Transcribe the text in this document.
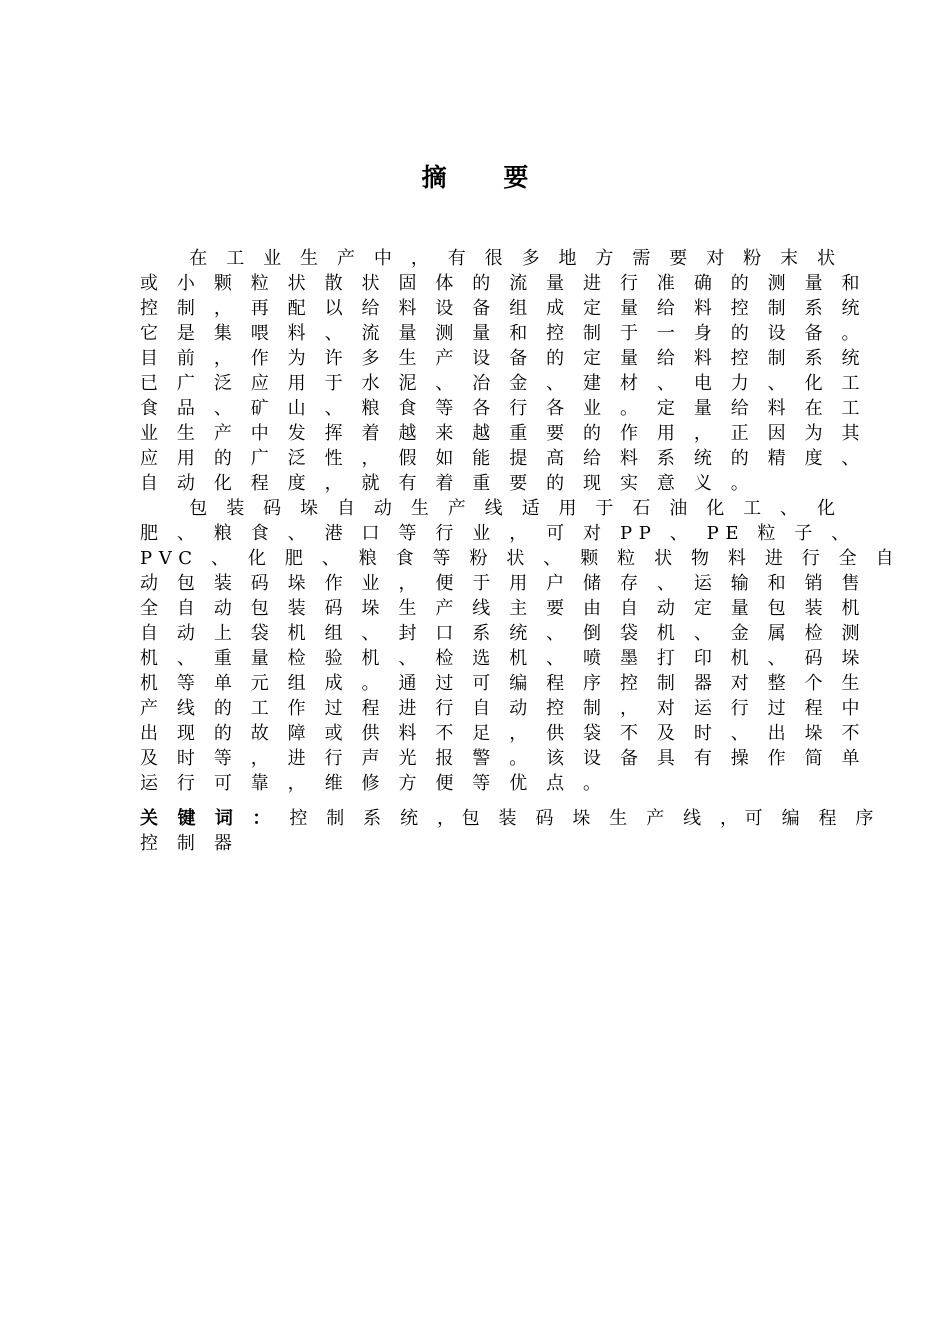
摘 要
在 工 业 生 产 中 ， 有 很 多 地 方 需 要 对 粉 末 状
或 小 颗 粒 状 散 状 固 体 的 流 量 进 行 准 确 的 测 量 和
控 制 ， 再 配 以 给 料 设 备 组 成 定 量 给 料 控 制 系 统
它 是 集 喂 料 、 流 量 测 量 和 控 制 于 一 身 的 设 备 。
目 前 ， 作 为 许 多 生 产 设 备 的 定 量 给 料 控 制 系 统
已 广 泛 应 用 于 水 泥 、 冶 金 、 建 材 、 电 力 、 化 工
食 品 、 矿 山 、 粮 食 等 各 行 各 业 。 定 量 给 料 在 工
业 生 产 中 发 挥 着 越 来 越 重 要 的 作 用 ， 正 因 为 其
应 用 的 广 泛 性 ， 假 如 能 提 高 给 料 系 统 的 精 度 、
自 动 化 程 度 ， 就 有 着 重 要 的 现 实 意 义 。
包 装 码 垛 自 动 生 产 线 适 用 于 石 油 化 工 、 化
肥 、 粮 食 、 港 口 等 行 业 ， 可 对 PP 、 PE 粒 子 、
PVC 、 化 肥 、 粮 食 等 粉 状 、 颗 粒 状 物 料 进 行 全 自
动 包 装 码 垛 作 业 ， 便 于 用 户 储 存 、 运 输 和 销 售
全 自 动 包 装 码 垛 生 产 线 主 要 由 自 动 定 量 包 装 机
自 动 上 袋 机 组 、 封 口 系 统 、 倒 袋 机 、 金 属 检 测
机 、 重 量 检 验 机 、 检 选 机 、 喷 墨 打 印 机 、 码 垛
机 等 单 元 组 成 。 通 过 可 编 程 序 控 制 器 对 整 个 生
产 线 的 工 作 过 程 进 行 自 动 控 制 ， 对 运 行 过 程 中
出 现 的 故 障 或 供 料 不 足 ， 供 袋 不 及 时 、 出 垛 不
及 时 等 ， 进 行 声 光 报 警 。 该 设 备 具 有 操 作 简 单
运 行 可 靠 ， 维 修 方 便 等 优 点 。
关 键 词 ： 控 制 系 统 ，包 装 码 垛 生 产 线 ，可 编 程 序
控 制 器
